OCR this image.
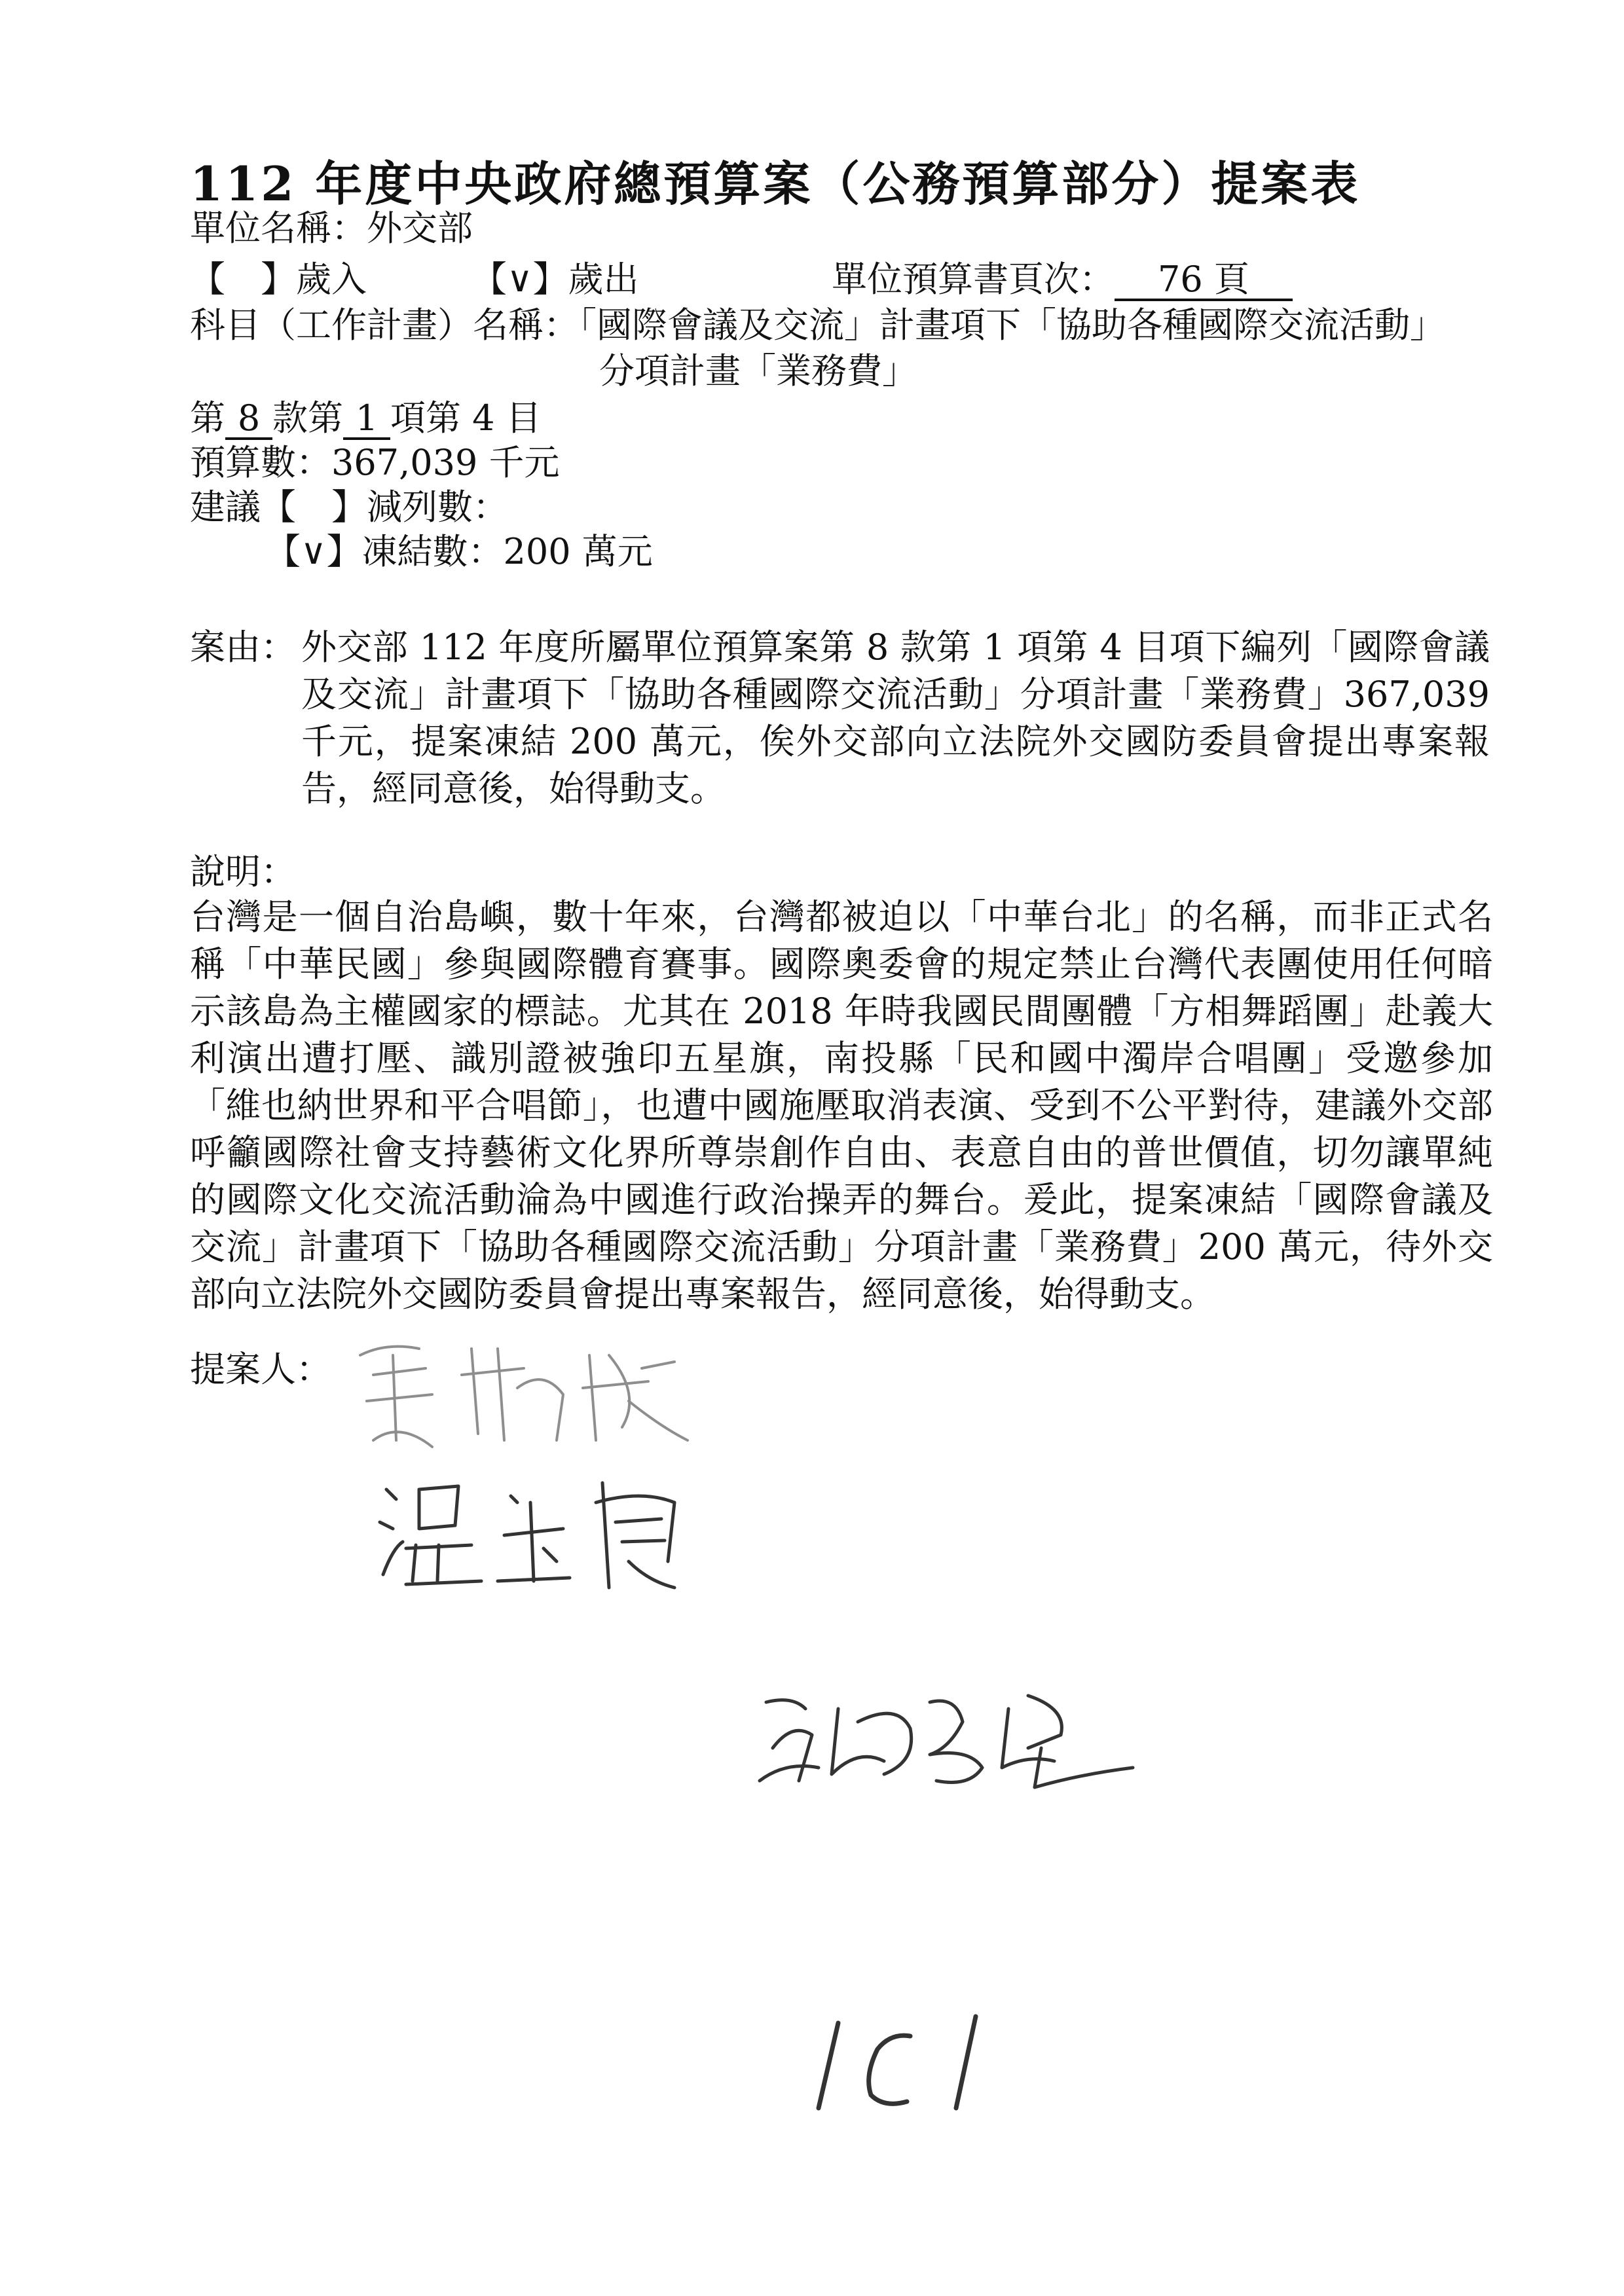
112 年度中央政府總預算案（公務預算部分）提案表
單位名稱：外交部
【　】歲入	【∨】歲出	單位預算書頁次： 76 頁
科目（工作計畫）名稱：「國際會議及交流」計畫項下「協助各種國際交流活動」
分項計畫「業務費」
第 8 款第 1 項第 4 目
預算數：367,039 千元
建議【　】減列數：
【∨】凍結數：200 萬元
案由： 外交部 112 年度所屬單位預算案第 8 款第 1 項第 4 目項下編列「國際會議及交流」計畫項下「協助各種國際交流活動」分項計畫「業務費」367,039 千元，提案凍結 200 萬元，俟外交部向立法院外交國防委員會提出專案報告，經同意後，始得動支。
說明：
台灣是一個自治島嶼，數十年來，台灣都被迫以「中華台北」的名稱，而非正式名稱「中華民國」參與國際體育賽事。國際奧委會的規定禁止台灣代表團使用任何暗示該島為主權國家的標誌。尤其在 2018 年時我國民間團體「方相舞蹈團」赴義大利演出遭打壓、識別證被強印五星旗，南投縣「民和國中濁岸合唱團」受邀參加「維也納世界和平合唱節」，也遭中國施壓取消表演、受到不公平對待，建議外交部呼籲國際社會支持藝術文化界所尊崇創作自由、表意自由的普世價值，切勿讓單純的國際文化交流活動淪為中國進行政治操弄的舞台。爰此，提案凍結「國際會議及交流」計畫項下「協助各種國際交流活動」分項計畫「業務費」200 萬元，待外交部向立法院外交國防委員會提出專案報告，經同意後，始得動支。
提案人：
